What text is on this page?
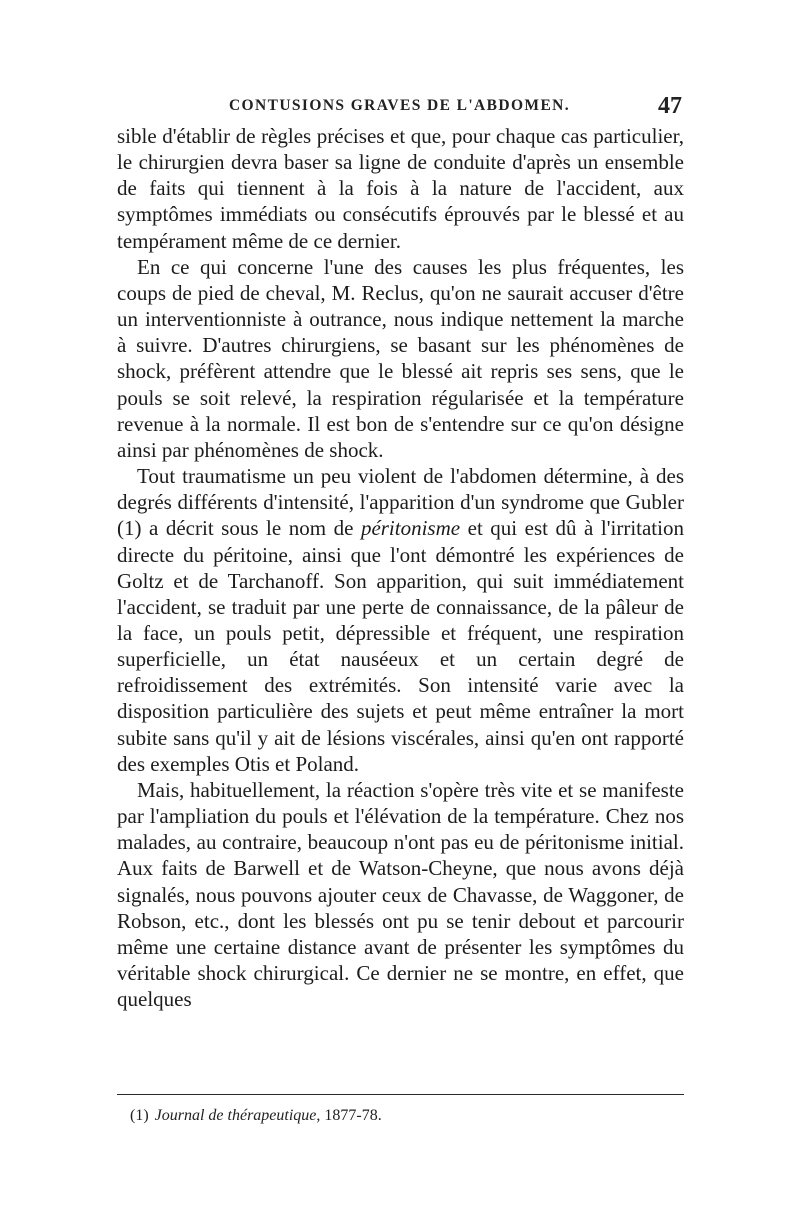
CONTUSIONS GRAVES DE L'ABDOMEN.	47

sible d'établir de règles précises et que, pour chaque cas particulier, le chirurgien devra baser sa ligne de conduite d'après un ensemble de faits qui tiennent à la fois à la nature de l'accident, aux symptômes immédiats ou consécutifs éprouvés par le blessé et au tempérament même de ce dernier.

En ce qui concerne l'une des causes les plus fréquentes, les coups de pied de cheval, M. Reclus, qu'on ne saurait accuser d'être un interventionniste à outrance, nous indique nettement la marche à suivre. D'autres chirurgiens, se basant sur les phénomènes de shock, préfèrent attendre que le blessé ait repris ses sens, que le pouls se soit relevé, la respiration régularisée et la température revenue à la normale. Il est bon de s'entendre sur ce qu'on désigne ainsi par phénomènes de shock.

Tout traumatisme un peu violent de l'abdomen détermine, à des degrés différents d'intensité, l'apparition d'un syndrome que Gubler (1) a décrit sous le nom de péritonisme et qui est dû à l'irritation directe du péritoine, ainsi que l'ont démontré les expériences de Goltz et de Tarchanoff. Son apparition, qui suit immédiatement l'accident, se traduit par une perte de connaissance, de la pâleur de la face, un pouls petit, dépressible et fréquent, une respiration superficielle, un état nauséeux et un certain degré de refroidissement des extrémités. Son intensité varie avec la disposition particulière des sujets et peut même entraîner la mort subite sans qu'il y ait de lésions viscérales, ainsi qu'en ont rapporté des exemples Otis et Poland.

Mais, habituellement, la réaction s'opère très vite et se manifeste par l'ampliation du pouls et l'élévation de la température. Chez nos malades, au contraire, beaucoup n'ont pas eu de péritonisme initial. Aux faits de Barwell et de Watson-Cheyne, que nous avons déjà signalés, nous pouvons ajouter ceux de Chavasse, de Waggoner, de Robson, etc., dont les blessés ont pu se tenir debout et parcourir même une certaine distance avant de présenter les symptômes du véritable shock chirurgical. Ce dernier ne se montre, en effet, que quelques

(1) Journal de thérapeutique, 1877-78.
